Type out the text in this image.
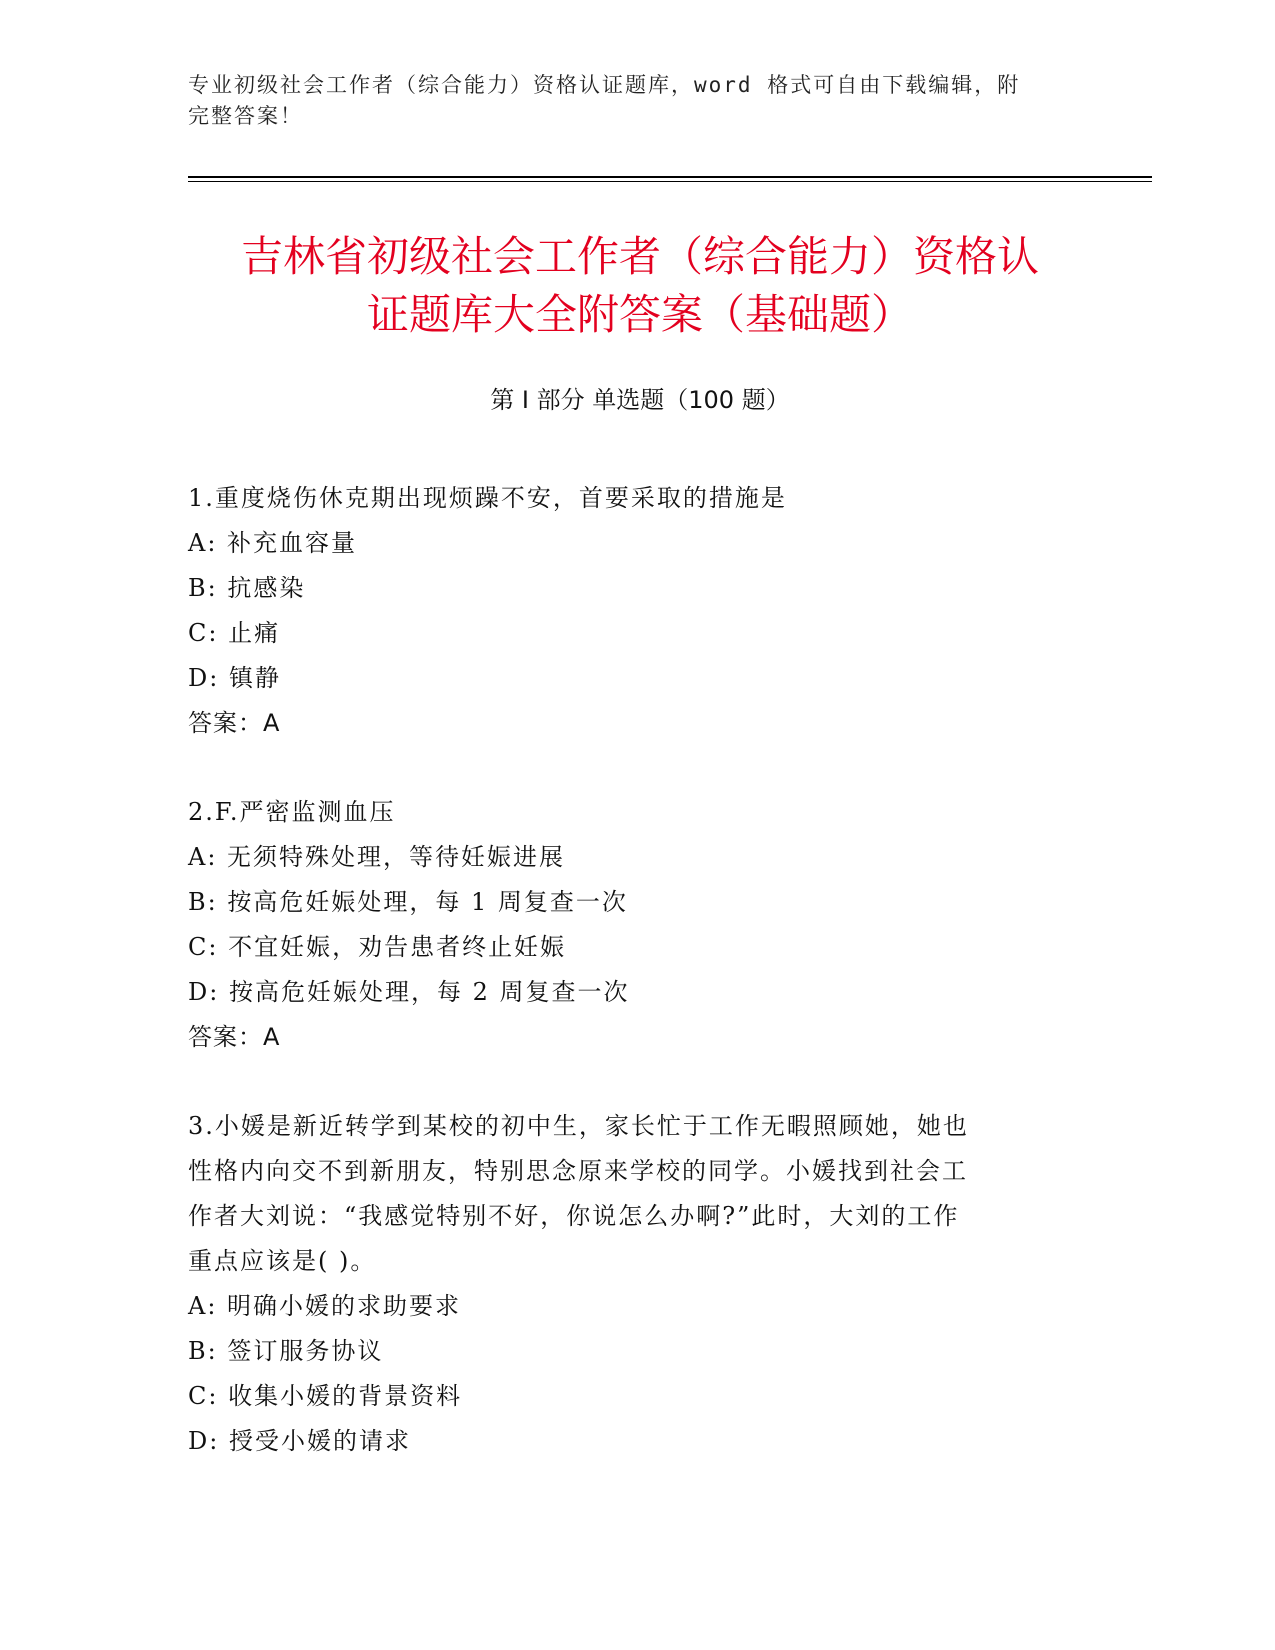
专业初级社会工作者（综合能力）资格认证题库，word 格式可自由下载编辑，附
完整答案！
吉林省初级社会工作者（综合能力）资格认
证题库大全附答案（基础题）
第 I 部分 单选题（100 题）

1.重度烧伤休克期出现烦躁不安，首要采取的措施是

A: 补充血容量

B: 抗感染

C: 止痛

D: 镇静

答案：A

2.F.严密监测血压

A: 无须特殊处理，等待妊娠进展

B: 按高危妊娠处理，每 1 周复查一次

C: 不宜妊娠，劝告患者终止妊娠

D: 按高危妊娠处理，每 2 周复查一次

答案：A

3.小媛是新近转学到某校的初中生，家长忙于工作无暇照顾她，她也

性格内向交不到新朋友，特别思念原来学校的同学。小媛找到社会工

作者大刘说：“我感觉特别不好，你说怎么办啊?”此时，大刘的工作

重点应该是( )。

A: 明确小媛的求助要求

B: 签订服务协议

C: 收集小媛的背景资料

D: 授受小媛的请求
